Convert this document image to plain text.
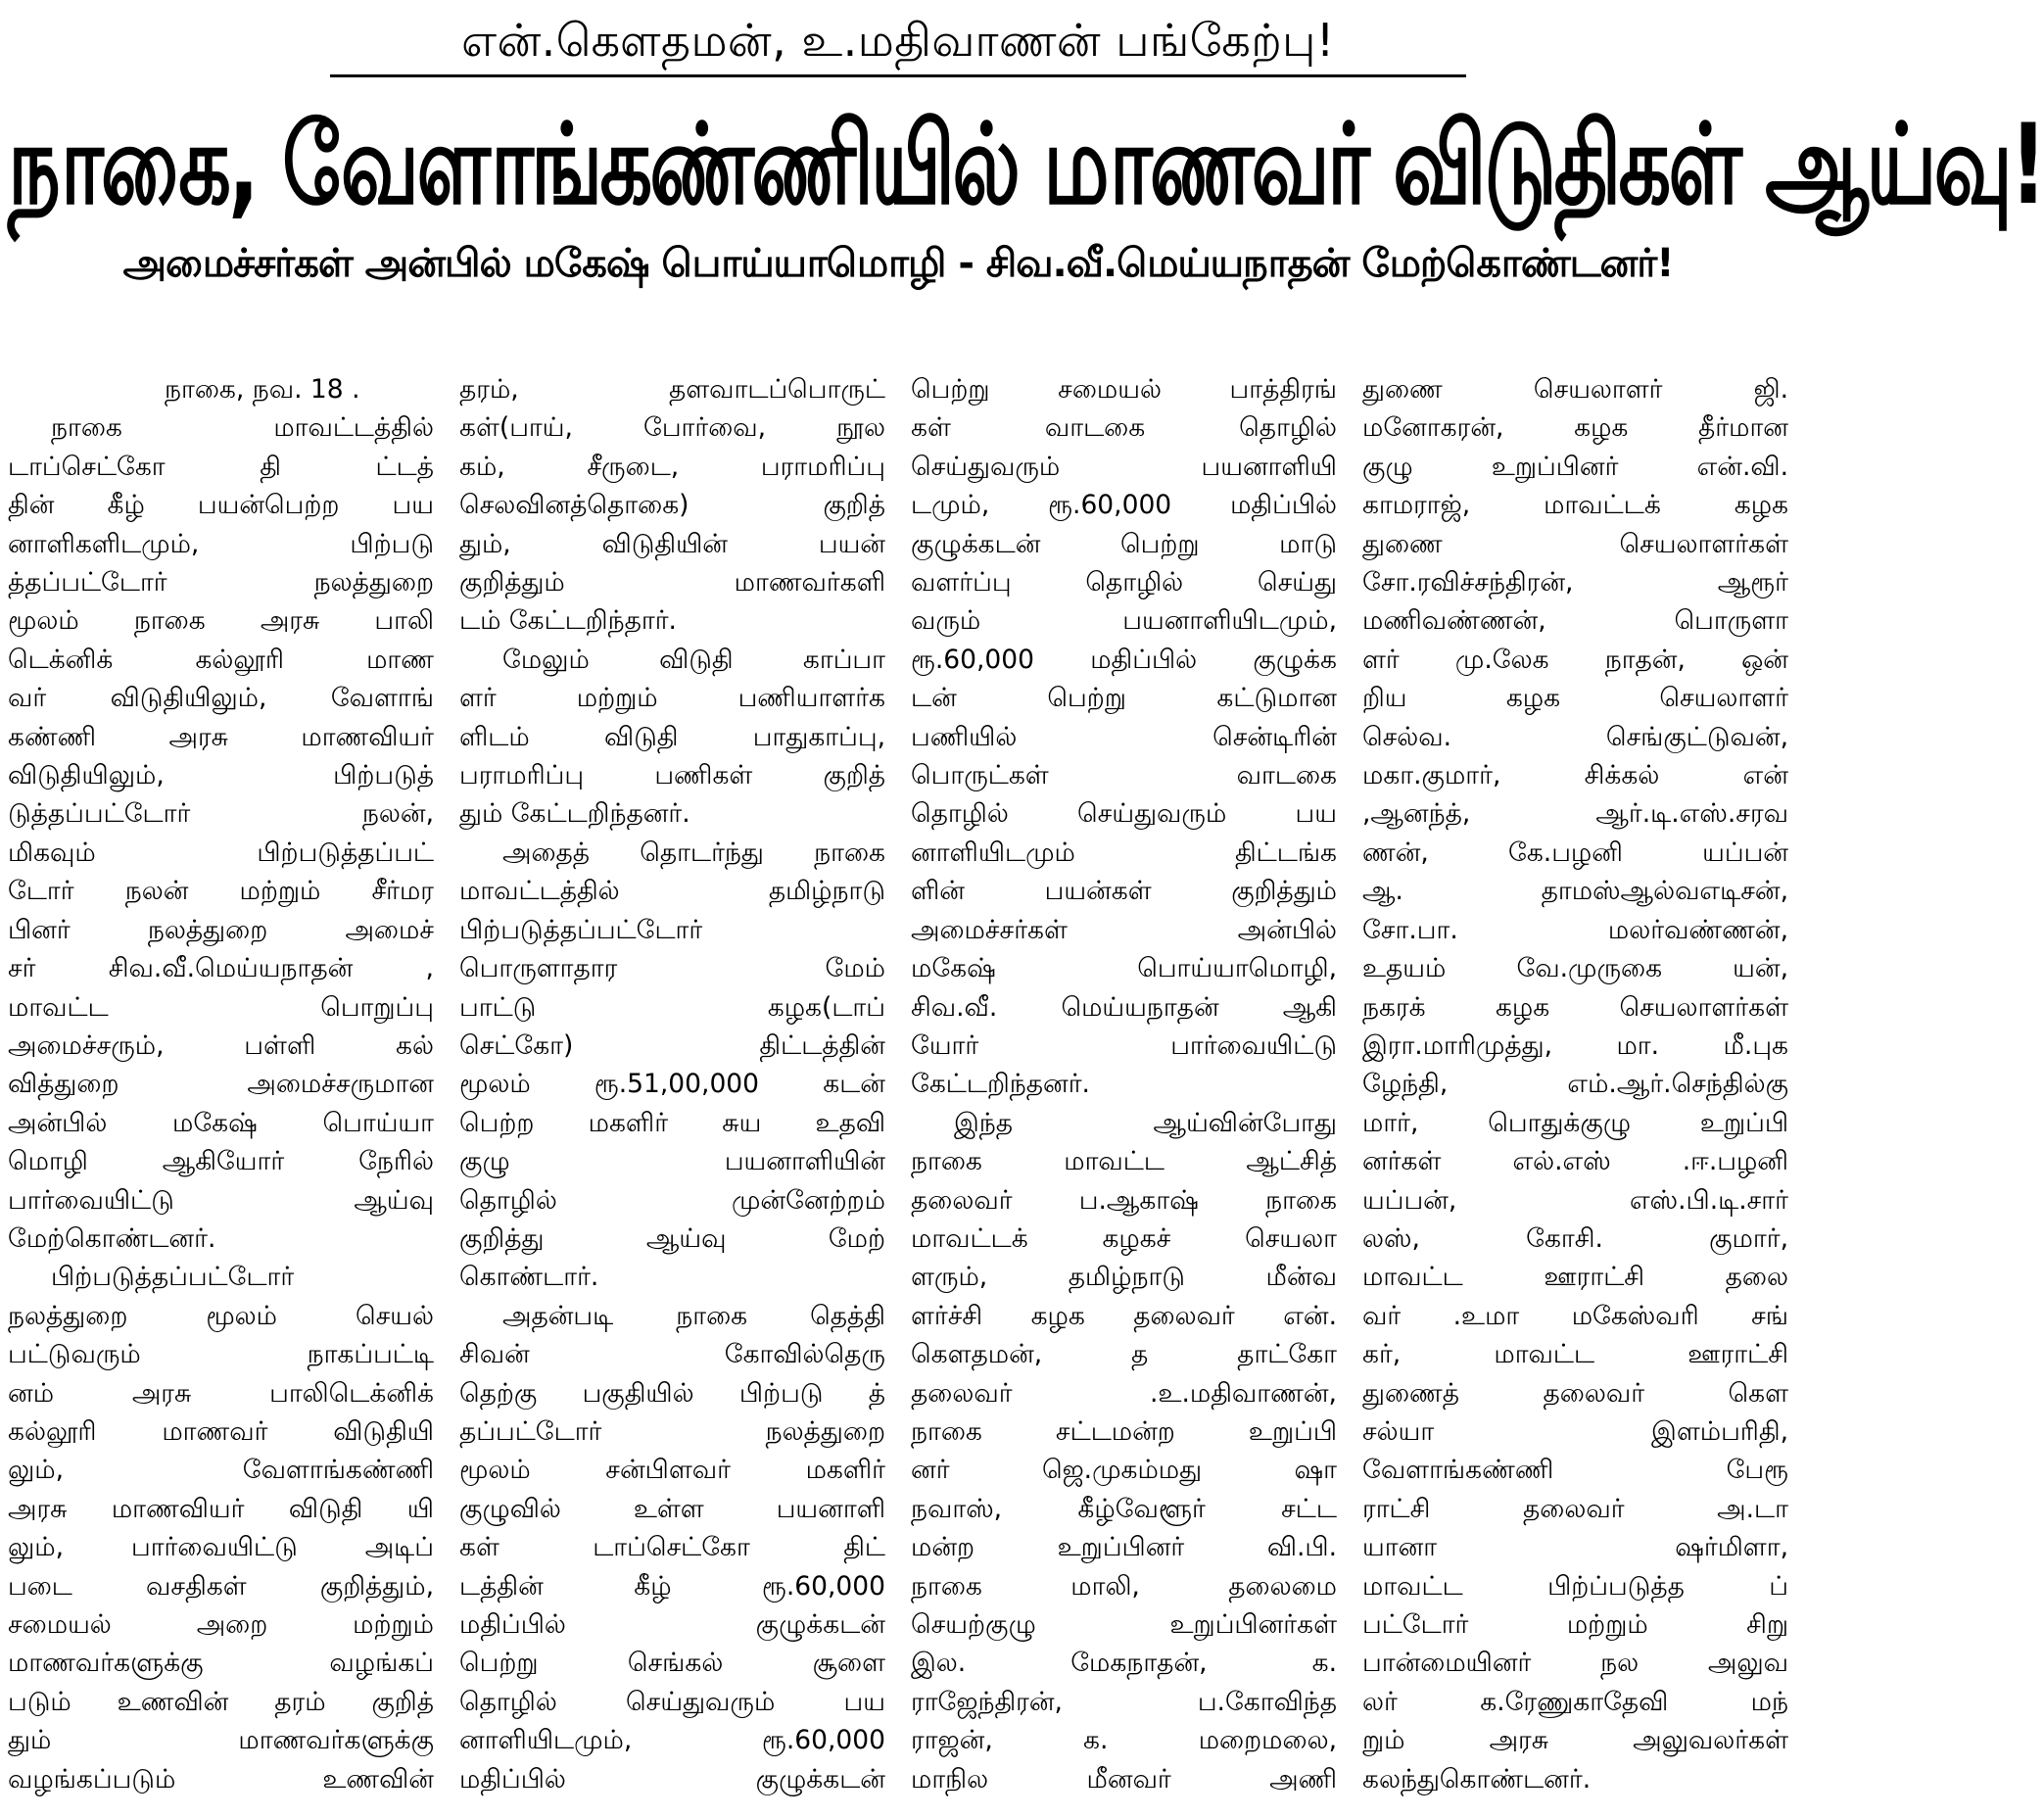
என்.கௌதமன், உ.மதிவாணன் பங்கேற்பு!
நாகை, வேளாங்கண்ணியில் மாணவர் விடுதிகள் ஆய்வு!
அமைச்சர்கள் அன்பில் மகேஷ் பொய்யாமொழி - சிவ.வீ.மெய்யநாதன் மேற்கொண்டனர்!
நாகை, நவ. 18 .
நாகை மாவட்டத்தில்
டாப்செட்கோ தி ட்டத்
தின் கீழ் பயன்பெற்ற பய
னாளிகளிடமும், பிற்படு
த்தப்பட்டோர் நலத்துறை
மூலம் நாகை அரசு பாலி
டெக்னிக் கல்லூரி மாண
வர் விடுதியிலும், வேளாங்
கண்ணி அரசு மாணவியர்
விடுதியிலும், பிற்படுத்
டுத்தப்பட்டோர் நலன்,
மிகவும் பிற்படுத்தப்பட்
டோர் நலன் மற்றும் சீர்மர
பினர் நலத்துறை அமைச்
சர் சிவ.வீ.மெய்யநாதன் ,
மாவட்ட பொறுப்பு
அமைச்சரும், பள்ளி கல்
வித்துறை அமைச்சருமான
அன்பில் மகேஷ் பொய்யா
மொழி ஆகியோர் நேரில்
பார்வையிட்டு ஆய்வு
மேற்கொண்டனர்.
பிற்படுத்தப்பட்டோர்
நலத்துறை மூலம் செயல்
பட்டுவரும் நாகப்பட்டி
னம் அரசு பாலிடெக்னிக்
கல்லூரி மாணவர் விடுதியி
லும், வேளாங்கண்ணி
அரசு மாணவியர் விடுதி யி
லும், பார்வையிட்டு அடிப்
படை வசதிகள் குறித்தும்,
சமையல் அறை மற்றும்
மாணவர்களுக்கு வழங்கப்
படும் உணவின் தரம் குறித்
தும் மாணவர்களுக்கு
வழங்கப்படும் உணவின்
தரம், தளவாடப்பொருட்
கள்(பாய், போர்வை, நூல
கம், சீருடை, பராமரிப்பு
செலவினத்தொகை) குறித்
தும், விடுதியின் பயன்
குறித்தும் மாணவர்களி
டம் கேட்டறிந்தார்.
மேலும் விடுதி காப்பா
ளர் மற்றும் பணியாளர்க
ளிடம் விடுதி பாதுகாப்பு,
பராமரிப்பு பணிகள் குறித்
தும் கேட்டறிந்தனர்.
அதைத் தொடர்ந்து நாகை
மாவட்டத்தில் தமிழ்நாடு
பிற்படுத்தப்பட்டோர்
பொருளாதார மேம்
பாட்டு கழக(டாப்
செட்கோ) திட்டத்தின்
மூலம் ரூ.51,00,000 கடன்
பெற்ற மகளிர் சுய உதவி
குழு பயனாளியின்
தொழில் முன்னேற்றம்
குறித்து ஆய்வு மேற்
கொண்டார்.
அதன்படி நாகை தெத்தி
சிவன் கோவில்தெரு
தெற்கு பகுதியில் பிற்படு த்
தப்பட்டோர் நலத்துறை
மூலம் சன்பிளவர் மகளிர்
குழுவில் உள்ள பயனாளி
கள் டாப்செட்கோ திட்
டத்தின் கீழ் ரூ.60,000
மதிப்பில் குழுக்கடன்
பெற்று செங்கல் சூளை
தொழில் செய்துவரும் பய
னாளியிடமும், ரூ.60,000
மதிப்பில் குழுக்கடன்
பெற்று சமையல் பாத்திரங்
கள் வாடகை தொழில்
செய்துவரும் பயனாளியி
டமும், ரூ.60,000 மதிப்பில்
குழுக்கடன் பெற்று மாடு
வளர்ப்பு தொழில் செய்து
வரும் பயனாளியிடமும்,
ரூ.60,000 மதிப்பில் குழுக்க
டன் பெற்று கட்டுமான
பணியில் சென்டிரின்
பொருட்கள் வாடகை
தொழில் செய்துவரும் பய
னாளியிடமும் திட்டங்க
ளின் பயன்கள் குறித்தும்
அமைச்சர்கள் அன்பில்
மகேஷ் பொய்யாமொழி,
சிவ.வீ. மெய்யநாதன் ஆகி
யோர் பார்வையிட்டு
கேட்டறிந்தனர்.
இந்த ஆய்வின்போது
நாகை மாவட்ட ஆட்சித்
தலைவர் ப.ஆகாஷ் நாகை
மாவட்டக் கழகச் செயலா
ளரும், தமிழ்நாடு மீன்வ
ளர்ச்சி கழக தலைவர் என்.
கௌதமன், த தாட்கோ
தலைவர் .உ.மதிவாணன்,
நாகை சட்டமன்ற உறுப்பி
னர் ஜெ.முகம்மது ஷா
நவாஸ், கீழ்வேளூர் சட்ட
மன்ற உறுப்பினர் வி.பி.
நாகை மாலி, தலைமை
செயற்குழு உறுப்பினர்கள்
இல. மேகநாதன், க.
ராஜேந்திரன், ப.கோவிந்த
ராஜன், க. மறைமலை,
மாநில மீனவர் அணி
துணை செயலாளர் ஜி.
மனோகரன், கழக தீர்மான
குழு உறுப்பினர் என்.வி.
காமராஜ், மாவட்டக் கழக
துணை செயலாளர்கள்
சோ.ரவிச்சந்திரன், ஆரூர்
மணிவண்ணன், பொருளா
ளர் மு.லேக நாதன், ஒன்
றிய கழக செயலாளர்
செல்வ. செங்குட்டுவன்,
மகா.குமார், சிக்கல் என்
,ஆனந்த், ஆர்.டி.எஸ்.சரவ
ணன், கே.பழனி யப்பன்
ஆ. தாமஸ்ஆல்வஎடிசன்,
சோ.பா. மலர்வண்ணன்,
உதயம் வே.முருகை யன்,
நகரக் கழக செயலாளர்கள்
இரா.மாரிமுத்து, மா. மீ.புக
ழேந்தி, எம்.ஆர்.செந்தில்கு
மார், பொதுக்குழு உறுப்பி
னர்கள் எல்.எஸ் .ஈ.பழனி
யப்பன், எஸ்.பி.டி.சார்
லஸ், கோசி. குமார்,
மாவட்ட ஊராட்சி தலை
வர் .உமா மகேஸ்வரி சங்
கர், மாவட்ட ஊராட்சி
துணைத் தலைவர் கௌ
சல்யா இளம்பரிதி,
வேளாங்கண்ணி பேரூ
ராட்சி தலைவர் அ.டா
யானா ஷர்மிளா,
மாவட்ட பிற்ப்படுத்த ப்
பட்டோர் மற்றும் சிறு
பான்மையினர் நல அலுவ
லர் க.ரேணுகாதேவி மந்
றும் அரசு அலுவலர்கள்
கலந்துகொண்டனர்.
